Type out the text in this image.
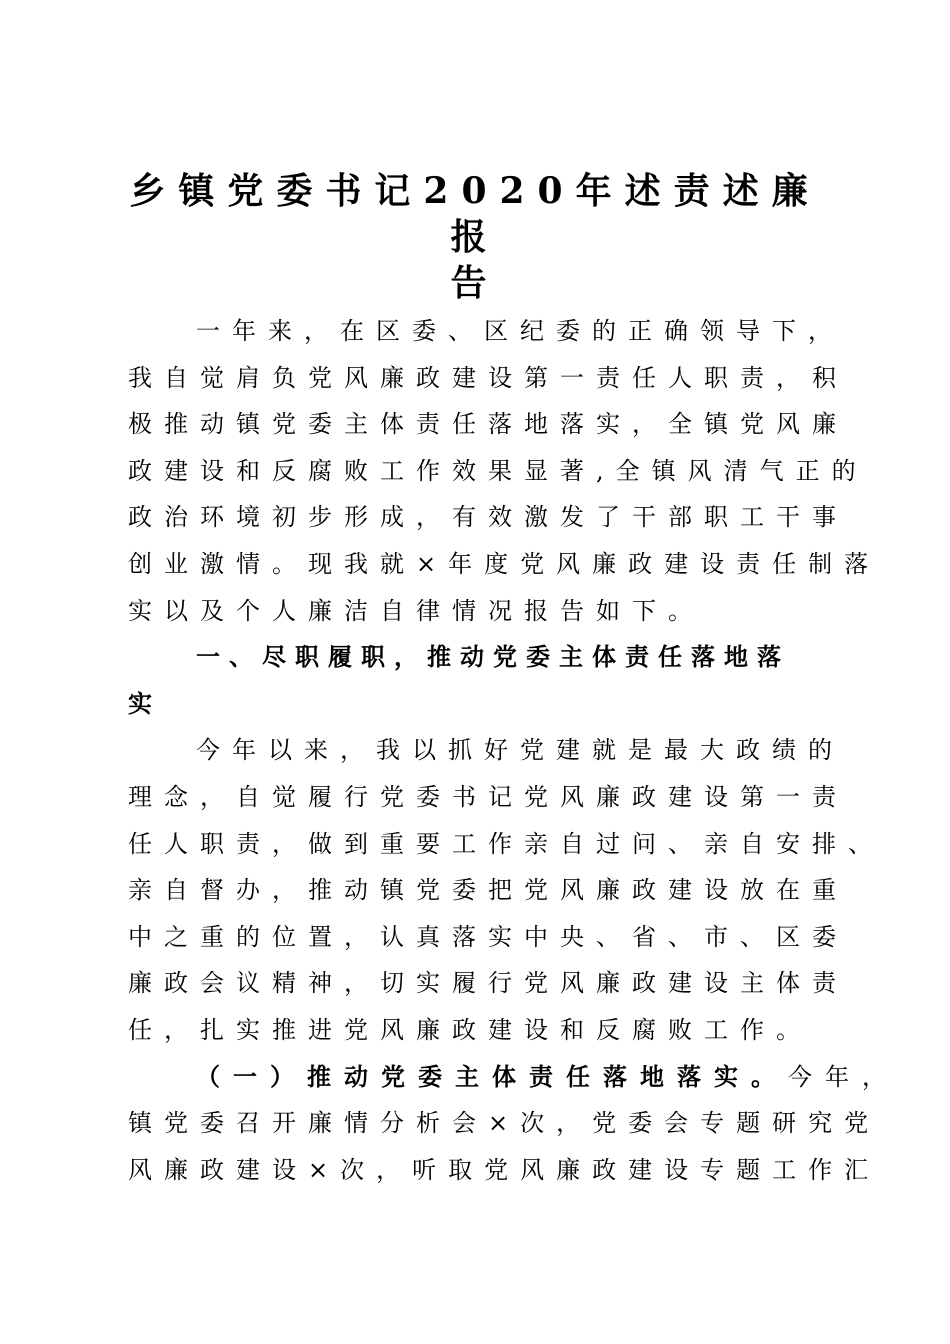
乡镇党委书记2020年述责述廉报
告
一年来，在区委、区纪委的正确领导下，
我自觉肩负党风廉政建设第一责任人职责，积
极推动镇党委主体责任落地落实，全镇党风廉
政建设和反腐败工作效果显著,全镇风清气正的
政治环境初步形成，有效激发了干部职工干事
创业激情。现我就×年度党风廉政建设责任制落
实以及个人廉洁自律情况报告如下。
一、尽职履职，推动党委主体责任落地落
实
今年以来，我以抓好党建就是最大政绩的
理念，自觉履行党委书记党风廉政建设第一责
任人职责，做到重要工作亲自过问、亲自安排、
亲自督办，推动镇党委把党风廉政建设放在重
中之重的位置，认真落实中央、省、市、区委
廉政会议精神，切实履行党风廉政建设主体责
任，扎实推进党风廉政建设和反腐败工作。
（一）推动党委主体责任落地落实。今年，
镇党委召开廉情分析会×次，党委会专题研究党
风廉政建设×次，听取党风廉政建设专题工作汇
